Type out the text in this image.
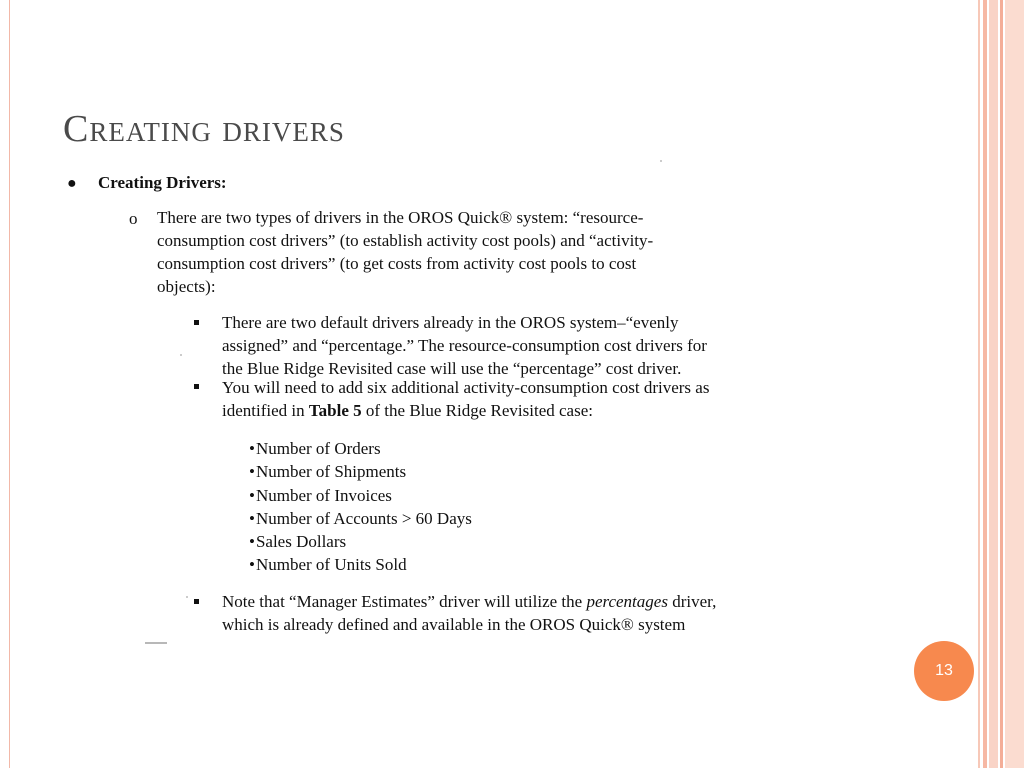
Creating drivers
● Creating Drivers:
o There are two types of drivers in the OROS Quick® system: “resource-
consumption cost drivers” (to establish activity cost pools) and “activity-
consumption cost drivers” (to get costs from activity cost pools to cost
objects):
There are two default drivers already in the OROS system–“evenly
assigned” and “percentage.” The resource-consumption cost drivers for
the Blue Ridge Revisited case will use the “percentage” cost driver.
You will need to add six additional activity-consumption cost drivers as
identified in Table 5 of the Blue Ridge Revisited case:
• Number of Orders
• Number of Shipments
• Number of Invoices
• Number of Accounts > 60 Days
• Sales Dollars
• Number of Units Sold
Note that “Manager Estimates” driver will utilize the percentages driver,
which is already defined and available in the OROS Quick® system
13
